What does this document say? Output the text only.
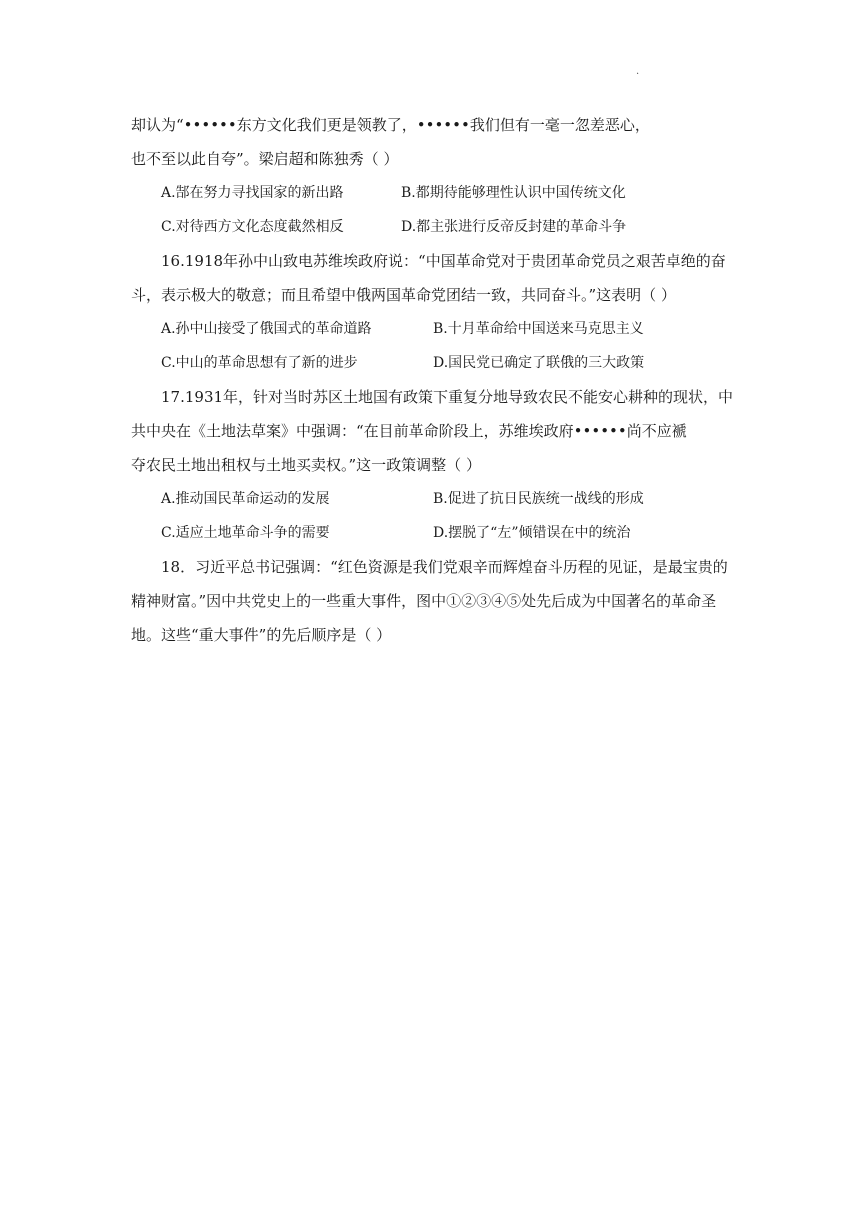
.
却认为“••••••东方文化我们更是领教了，••••••我们但有一毫一忽差恶心，
也不至以此自夸”。梁启超和陈独秀（ ）
A.郜在努力寻找国家的新出路	B.都期待能够理性认识中国传统文化
C.对待西方文化态度截然相反	D.都主张进行反帝反封建的革命斗争
16.1918年孙中山致电苏维埃政府说：“中国革命党对于贵团革命党员之艰苦卓绝的奋
斗，表示极大的敬意；而且希望中俄两国革命党团结一致，共同奋斗。”这表明（ ）
A.孙中山接受了俄国式的革命道路	B.十月革命给中国送来马克思主义
C.中山的革命思想有了新的进步	D.国民党已确定了联俄的三大政策
17.1931年，针对当时苏区土地国有政策下重复分地导致农民不能安心耕种的现状，中
共中央在《土地法草案》中强调：“在目前革命阶段上，苏维埃政府••••••尚不应褫
夺农民土地出租权与土地买卖权。”这一政策调整（ ）
A.推动国民革命运动的发展	B.促进了抗日民族统一战线的形成
C.适应土地革命斗争的需要	D.摆脱了“左”倾错误在中的统治
18．习近平总书记强调：“红色资源是我们党艰辛而辉煌奋斗历程的见证，是最宝贵的
精神财富。”因中共党史上的一些重大事件，图中①②③④⑤处先后成为中国著名的革命圣
地。这些“重大事件”的先后顺序是（ ）
